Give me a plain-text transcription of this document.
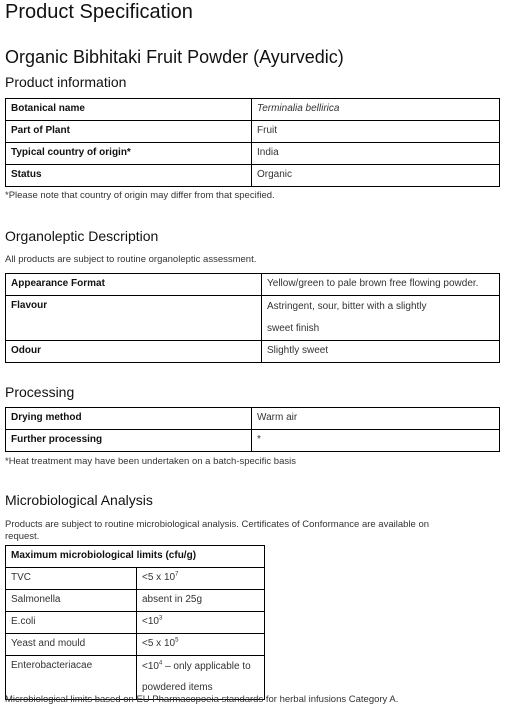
Product Specification
Organic Bibhitaki Fruit Powder (Ayurvedic)
Product information
Botanical name	Terminalia bellirica
Part of Plant	Fruit
Typical country of origin*	India
Status	Organic

*Please note that country of origin may differ from that specified.

Organoleptic Description

All products are subject to routine organoleptic assessment.

Appearance Format	Yellow/green to pale brown free flowing powder.
Flavour	Astringent, sour, bitter with a slightly
sweet finish
Odour	Slightly sweet
Processing
Drying method	Warm air
Further processing	*

*Heat treatment may have been undertaken on a batch-specific basis

Microbiological Analysis

Products are subject to routine microbiological analysis. Certificates of Conformance are available on
request.

Maximum microbiological limits (cfu/g)	
TVC	<5 x $10^7$
Salmonella	absent in 25g
E.coli	$<10^3$
Yeast and mould	<5 x $10^5$
Enterobacteriacae	$<10^4$ – only applicable to
powdered items

Microbiological limits based on EU Pharmacopoeia standards for herbal infusions Category A.
